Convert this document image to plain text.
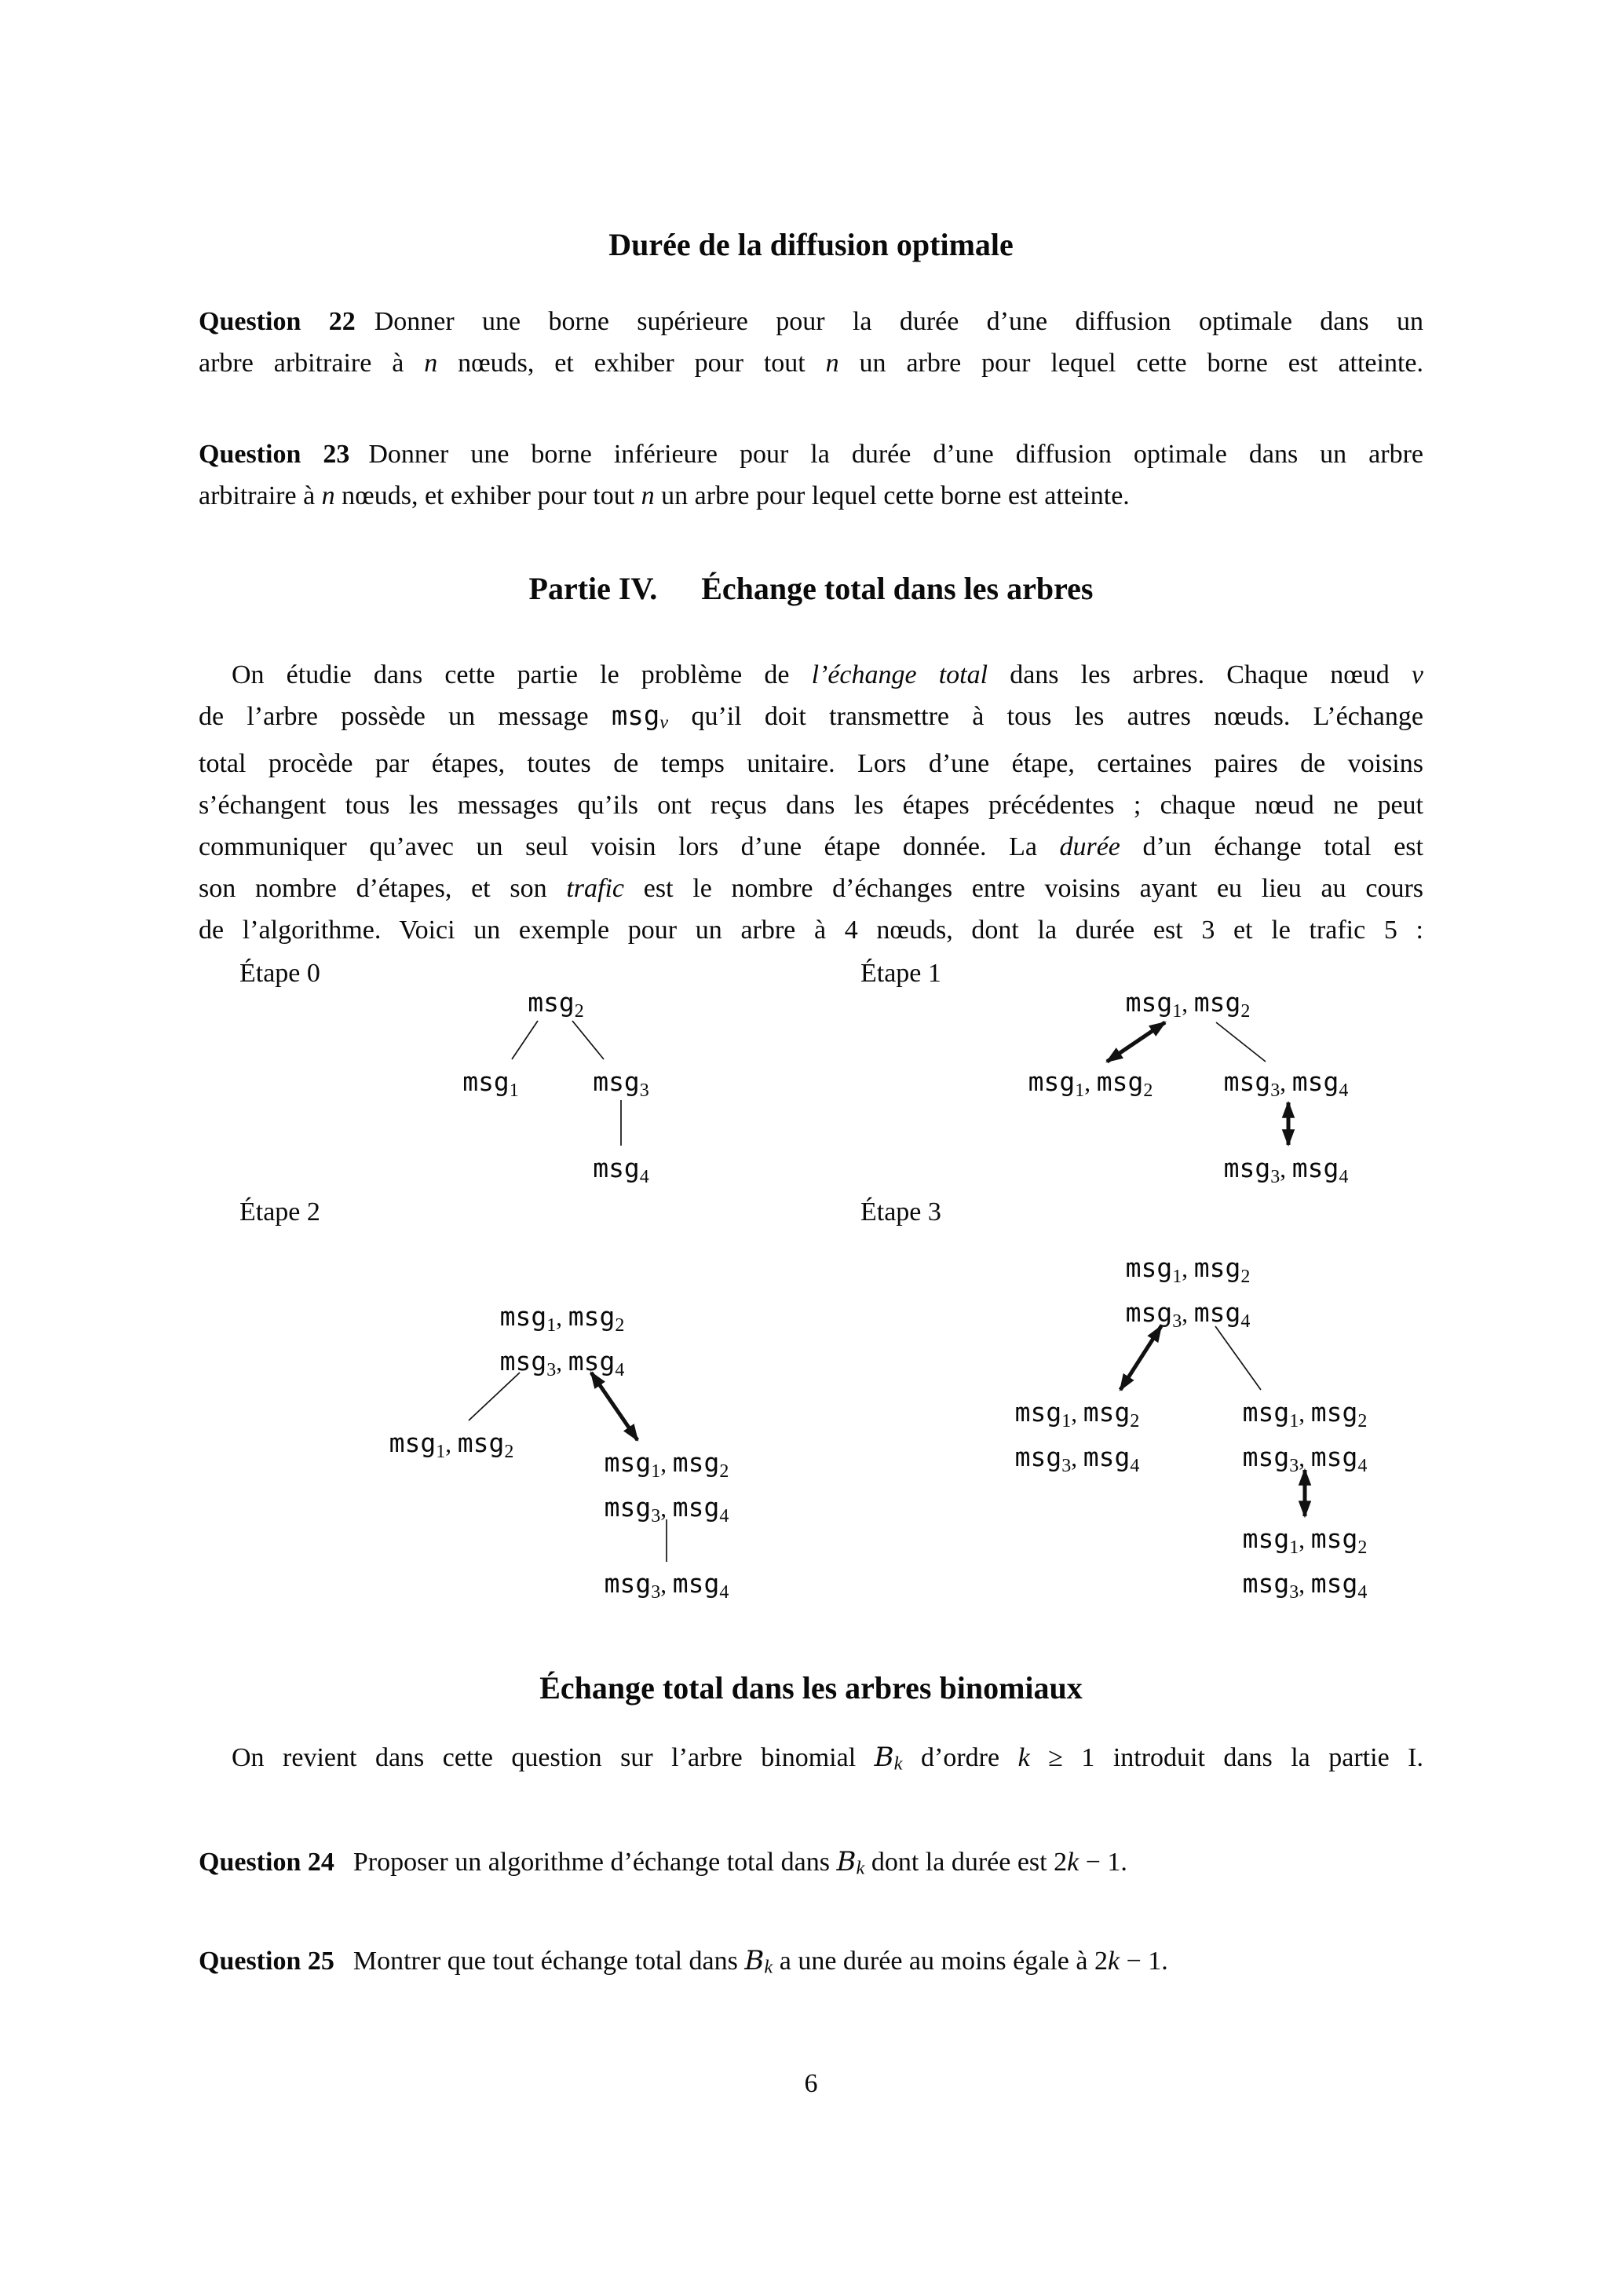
Durée de la diffusion optimale
Question 22 Donner une borne supérieure pour la durée d’une diffusion optimale dans un
arbre arbitraire à n nœuds, et exhiber pour tout n un arbre pour lequel cette borne est atteinte.
Question 23 Donner une borne inférieure pour la durée d’une diffusion optimale dans un arbre
arbitraire à n nœuds, et exhiber pour tout n un arbre pour lequel cette borne est atteinte.
Partie IV. Échange total dans les arbres
On étudie dans cette partie le problème de l’échange total dans les arbres. Chaque nœud v
de l’arbre possède un message msgv qu’il doit transmettre à tous les autres nœuds. L’échange
total procède par étapes, toutes de temps unitaire. Lors d’une étape, certaines paires de voisins
s’échangent tous les messages qu’ils ont reçus dans les étapes précédentes ; chaque nœud ne peut
communiquer qu’avec un seul voisin lors d’une étape donnée. La durée d’un échange total est
son nombre d’étapes, et son trafic est le nombre d’échanges entre voisins ayant eu lieu au cours
de l’algorithme. Voici un exemple pour un arbre à 4 nœuds, dont la durée est 3 et le trafic 5 :
Étape 0
msg$_2$
msg$_1$	msg$_3$
msg$_4$
Étape 1
msg$_1$, msg$_2$
msg$_1$, msg$_2$	msg$_3$, msg$_4$
msg$_3$, msg$_4$
Étape 2
msg$_1$, msg$_2$
msg$_3$, msg$_4$
msg$_1$, msg$_2$	msg$_1$, msg$_2$
msg$_3$, msg$_4$
msg$_3$, msg$_4$
Étape 3
msg$_1$, msg$_2$
msg$_3$, msg$_4$
msg$_1$, msg$_2$
msg$_3$, msg$_4$
msg$_1$, msg$_2$
msg$_3$, msg$_4$
msg$_1$, msg$_2$
msg$_3$, msg$_4$
Échange total dans les arbres binomiaux
On revient dans cette question sur l’arbre binomial Bk d’ordre k ≥ 1 introduit dans la partie I.
Question 24 Proposer un algorithme d’échange total dans Bk dont la durée est 2k − 1.
Question 25 Montrer que tout échange total dans Bk a une durée au moins égale à 2k − 1.
6
